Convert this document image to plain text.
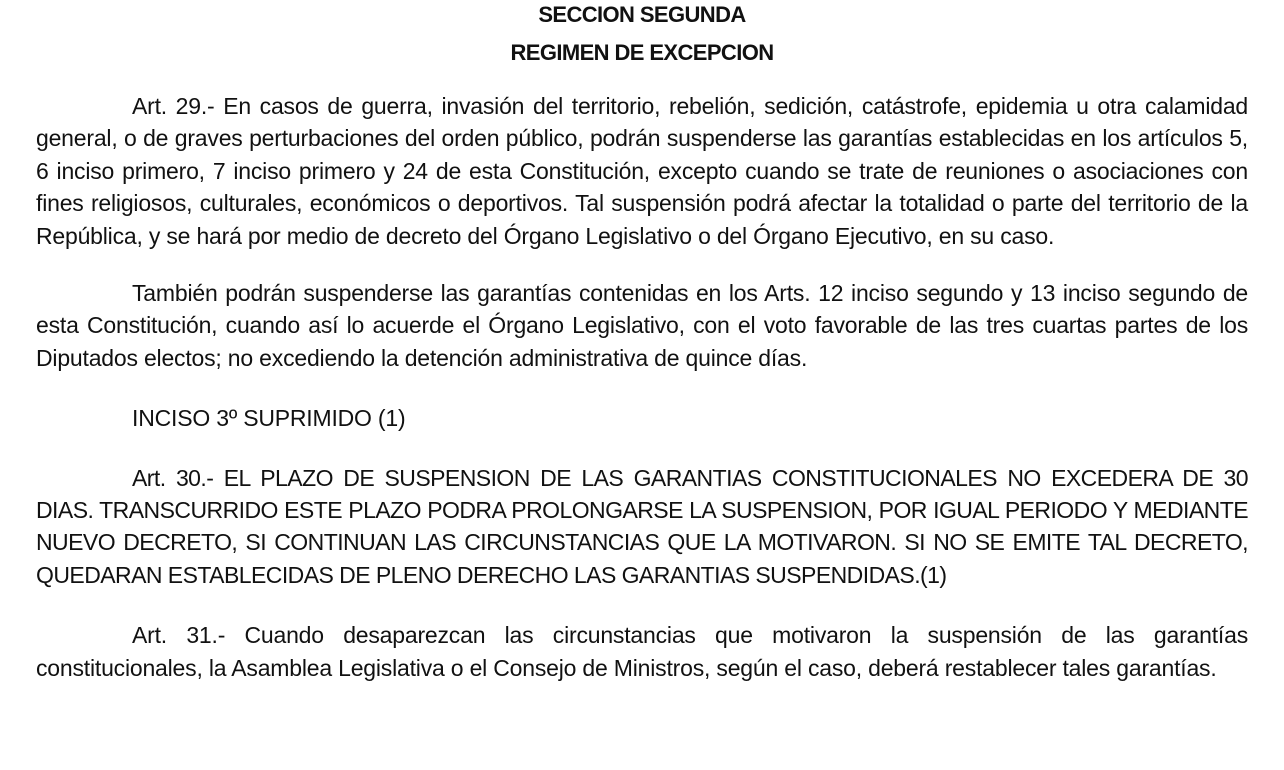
SECCION SEGUNDA
REGIMEN DE EXCEPCION

Art. 29.- En casos de guerra, invasión del territorio, rebelión, sedición, catástrofe, epidemia u otra calamidad general, o de graves perturbaciones del orden público, podrán suspenderse las garantías establecidas en los artículos 5, 6 inciso primero, 7 inciso primero y 24 de esta Constitución, excepto cuando se trate de reuniones o asociaciones con fines religiosos, culturales, económicos o deportivos. Tal suspensión podrá afectar la totalidad o parte del territorio de la República, y se hará por medio de decreto del Órgano Legislativo o del Órgano Ejecutivo, en su caso.

También podrán suspenderse las garantías contenidas en los Arts. 12 inciso segundo y 13 inciso segundo de esta Constitución, cuando así lo acuerde el Órgano Legislativo, con el voto favorable de las tres cuartas partes de los Diputados electos; no excediendo la detención administrativa de quince días.

INCISO 3º SUPRIMIDO (1)

Art. 30.- EL PLAZO DE SUSPENSION DE LAS GARANTIAS CONSTITUCIONALES NO EXCEDERA DE 30 DIAS. TRANSCURRIDO ESTE PLAZO PODRA PROLONGARSE LA SUSPENSION, POR IGUAL PERIODO Y MEDIANTE NUEVO DECRETO, SI CONTINUAN LAS CIRCUNSTANCIAS QUE LA MOTIVARON. SI NO SE EMITE TAL DECRETO, QUEDARAN ESTABLECIDAS DE PLENO DERECHO LAS GARANTIAS SUSPENDIDAS.(1)

Art. 31.- Cuando desaparezcan las circunstancias que motivaron la suspensión de las garantías constitucionales, la Asamblea Legislativa o el Consejo de Ministros, según el caso, deberá restablecer tales garantías.
